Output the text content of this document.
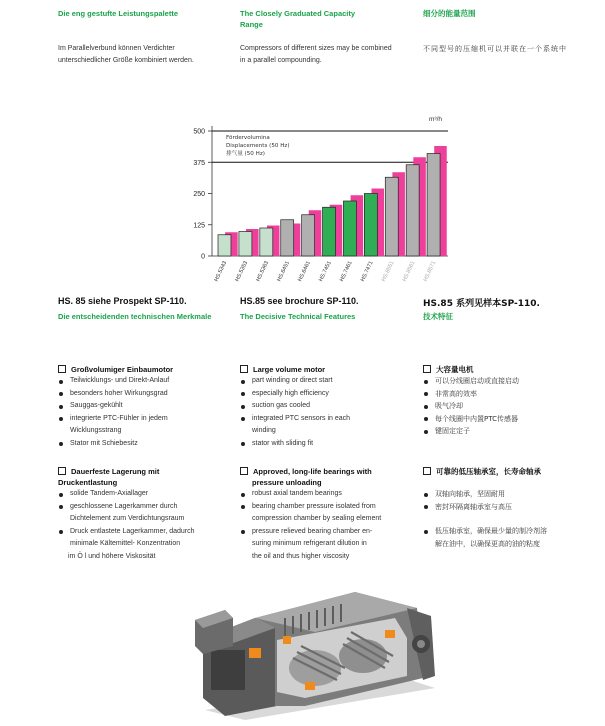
Die eng gestufte Leistungspalette	The Closely Graduated Capacity Range
细分的能量范围
Im Parallelverbund können Verdichter unterschiedlicher Größe kombiniert werden.
Compressors of different sizes may be combined in a parallel compounding.
不同型号的压缩机可以并联在一个系统中
m³/h
0
125
250
375
500
HS.5343 HS.5353 HS.5363 HS.6451 HS.6461 HS.7451 HS.7461 HS.7471 HS.8551 HS.8561 HS.8571
Fördervolumina
Displacements (50 Hz)
排气量 (50 Hz)
HS. 85 siehe Prospekt SP-110.	HS.85 see brochure SP-110.	HS.85 系列见样本SP-110.
Die entscheidenden technischen Merkmale	The Decisive Technical Features	技术特征
Großvolumiger Einbaumotor
Teilwicklungs- und Direkt-Anlauf
besonders hoher Wirkungsgrad
Sauggas-gekühlt
integrierte PTC-Fühler in jedem
Wicklungsstrang
Stator mit Schiebesitz
Large volume motor
part winding or direct start
especially high efficiency
suction gas cooled
integrated PTC sensors in each
winding
stator with sliding fit
大容量电机
可以分线圈启动或直接启动
非常高的效率
吸气冷却
每个线圈中内置PTC传感器
键固定定子
Dauerfeste Lagerung mit
Druckentlastung
solide Tandem-Axiallager
geschlossene Lagerkammer durch
Dichtelement zum Verdichtungsraum
Druck entlastete Lagerkammer, dadurch
minimale Kältemittel- Konzentration
im Ö l und höhere Viskosität
Approved, long-life bearings with
pressure unloading
robust axial tandem bearings
bearing chamber pressure isolated from
compression chamber by sealing element
pressure relieved bearing chamber en-
suring minimum refrigerant dilution in
the oil and thus higher viscosity
可靠的低压轴承室，长寿命轴承
双轴向轴承，坚固耐用
密封环隔离轴承室与高压
低压轴承室，确保最少量的制冷剂溶
解在油中，以确保更高的油的粘度
